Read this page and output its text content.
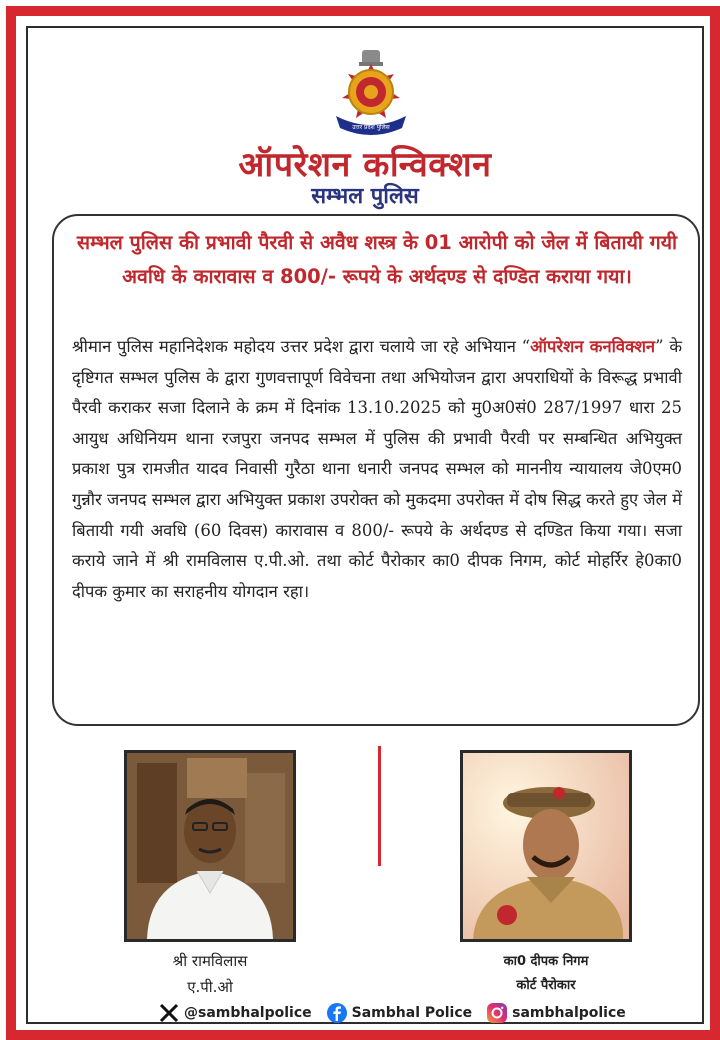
उत्तर प्रदेश पुलिस
ऑपरेशन कन्विक्शन
सम्भल पुलिस
सम्भल पुलिस की प्रभावी पैरवी से अवैध शस्त्र के 01 आरोपी को जेल में बितायी गयी अवधि के कारावास व 800/- रूपये के अर्थदण्ड से दण्डित कराया गया।
श्रीमान पुलिस महानिदेशक महोदय उत्तर प्रदेश द्वारा चलाये जा रहे अभियान “ऑपरेशन कनविक्शन” के दृष्टिगत सम्भल पुलिस के द्वारा गुणवत्तापूर्ण विवेचना तथा अभियोजन द्वारा अपराधियों के विरूद्ध प्रभावी पैरवी कराकर सजा दिलाने के क्रम में दिनांक 13.10.2025 को मु0अ0सं0 287/1997 धारा 25 आयुध अधिनियम थाना रजपुरा जनपद सम्भल में पुलिस की प्रभावी पैरवी पर सम्बन्धित अभियुक्त प्रकाश पुत्र रामजीत यादव निवासी गुरैठा थाना धनारी जनपद सम्भल को माननीय न्यायालय जे0एम0 गुन्नौर जनपद सम्भल द्वारा अभियुक्त प्रकाश उपरोक्त को मुकदमा उपरोक्त में दोष सिद्ध करते हुए जेल में बितायी गयी अवधि (60 दिवस) कारावास व 800/- रूपये के अर्थदण्ड से दण्डित किया गया। सजा कराये जाने में श्री रामविलास ए.पी.ओ. तथा कोर्ट पैरोकार का0 दीपक निगम, कोर्ट मोहर्रिर हे0का0 दीपक कुमार का सराहनीय योगदान रहा।
श्री रामविलास
ए.पी.ओ
का0 दीपक निगम
कोर्ट पैरोकार
@sambhalpolice	Sambhal Police	sambhalpolice
